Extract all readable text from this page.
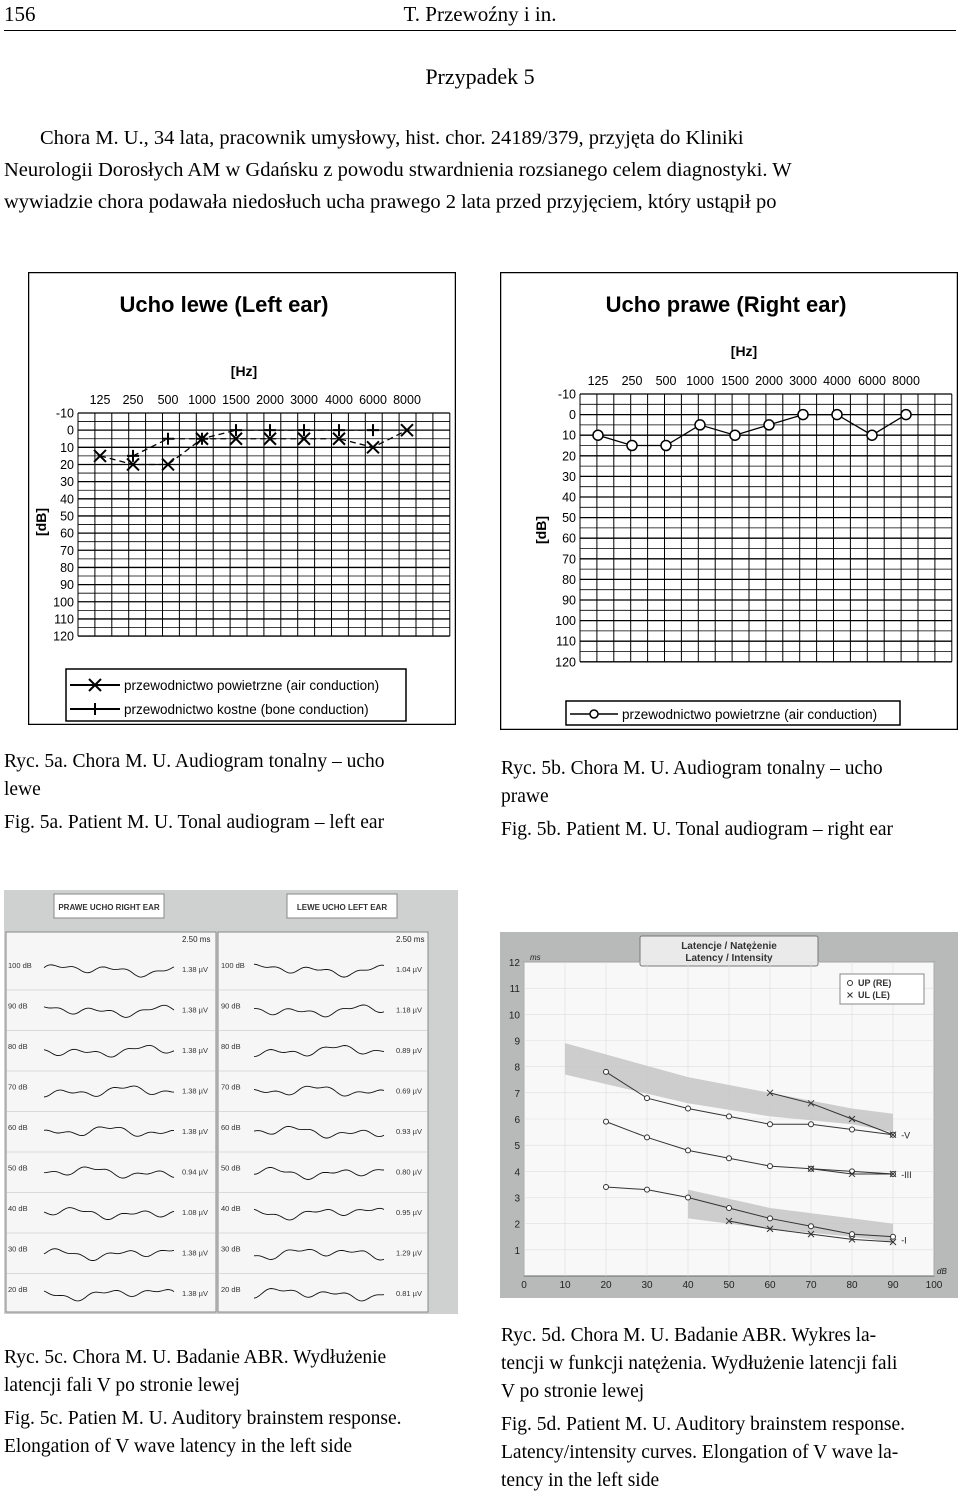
156	T. Przewoźny i in.
Przypadek 5
Chora M. U., 34 lata, pracownik umysłowy, hist. chor. 24189/379, przyjęta do Kliniki
Neurologii Dorosłych AM w Gdańsku z powodu stwardnienia rozsianego celem diagnostyki. W
wywiadzie chora podawała niedosłuch ucha prawego 2 lata przed przyjęciem, który ustąpił po
Ucho lewe (Left ear)
[Hz]
[dB]
125 250 500 1000 1500 2000 3000 4000 6000 8000
-10
0
10
20
30
40
50
60
70
80
90
100
110
120
przewodnictwo powietrzne (air conduction)
przewodnictwo kostne (bone conduction)
Ucho prawe (Right ear)
[Hz]
[dB]
125 250 500 1000 1500 2000 3000 4000 6000 8000
-10
0
10
20
30
40
50
60
70
80
90
100
110
120
przewodnictwo powietrzne (air conduction)

Ryc. 5a. Chora M. U. Audiogram tonalny – ucho

lewe

Fig. 5a. Patient M. U. Tonal audiogram – left ear

Ryc. 5b. Chora M. U. Audiogram tonalny – ucho

prawe

Fig. 5b. Patient M. U. Tonal audiogram – right ear

PRAWE UCHO RIGHT EAR	LEWE UCHO LEFT EAR
2.50 ms	2.50 ms
100 dB	100 dB
1.38 µV	1.04 µV
90 dB	90 dB
1.38 µV	1.18 µV
80 dB	80 dB
1.38 µV	0.89 µV
70 dB	70 dB
1.38 µV	0.69 µV
60 dB	60 dB
1.38 µV	0.93 µV
50 dB	50 dB
0.94 µV	0.80 µV
40 dB	40 dB
1.08 µV	0.95 µV
30 dB	30 dB
1.38 µV	1.29 µV
20 dB	20 dB
1.38 µV	0.81 µV
Latencje / Natężenie
Latency / Intensity
ms
dB
-V
-III
-I
0	10	20	30	40	50	60	70	80	90	100
1
2
3
4
5
6
7
8
9
10
11
12
UP (RE)
UL (LE)

Ryc. 5c. Chora M. U. Badanie ABR. Wydłużenie

latencji fali V po stronie lewej

Fig. 5c. Patien M. U. Auditory brainstem response.

Elongation of V wave latency in the left side

Ryc. 5d. Chora M. U. Badanie ABR. Wykres la-

tencji w funkcji natężenia. Wydłużenie latencji fali

V po stronie lewej

Fig. 5d. Patient M. U. Auditory brainstem response.

Latency/intensity curves. Elongation of V wave la-

tency in the left side
